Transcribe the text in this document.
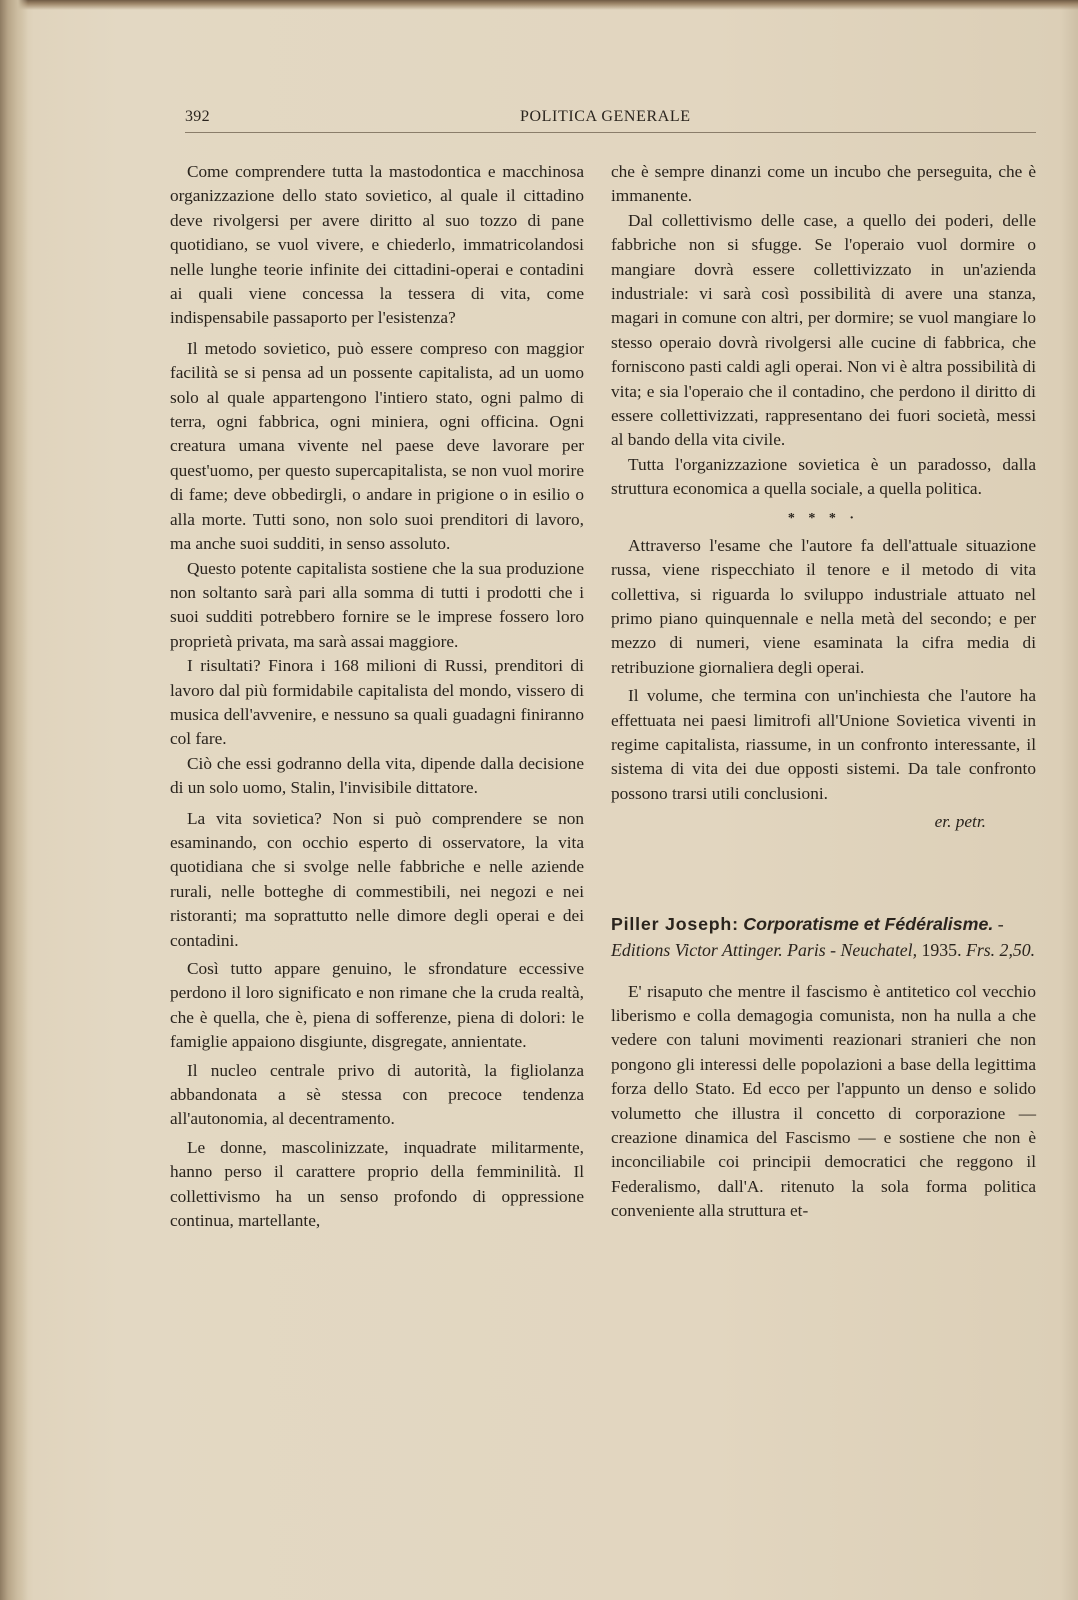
392	POLITICA GENERALE

Come comprendere tutta la mastodontica e macchinosa organizzazione dello stato sovietico, al quale il cittadino deve rivolgersi per avere diritto al suo tozzo di pane quotidiano, se vuol vivere, e chiederlo, immatricolandosi nelle lunghe teorie infinite dei cittadini-operai e contadini ai quali viene concessa la tessera di vita, come indispensabile passaporto per l'esistenza?

Il metodo sovietico, può essere compreso con maggior facilità se si pensa ad un possente capitalista, ad un uomo solo al quale appartengono l'intiero stato, ogni palmo di terra, ogni fabbrica, ogni miniera, ogni officina. Ogni creatura umana vivente nel paese deve lavorare per quest'uomo, per questo supercapitalista, se non vuol morire di fame; deve obbedirgli, o andare in prigione o in esilio o alla morte. Tutti sono, non solo suoi prenditori di lavoro, ma anche suoi sudditi, in senso assoluto.

Questo potente capitalista sostiene che la sua produzione non soltanto sarà pari alla somma di tutti i prodotti che i suoi sudditi potrebbero fornire se le imprese fossero loro proprietà privata, ma sarà assai maggiore.

I risultati? Finora i 168 milioni di Russi, prenditori di lavoro dal più formidabile capitalista del mondo, vissero di musica dell'avvenire, e nessuno sa quali guadagni finiranno col fare.

Ciò che essi godranno della vita, dipende dalla decisione di un solo uomo, Stalin, l'invisibile dittatore.

La vita sovietica? Non si può comprendere se non esaminando, con occhio esperto di osservatore, la vita quotidiana che si svolge nelle fabbriche e nelle aziende rurali, nelle botteghe di commestibili, nei negozi e nei ristoranti; ma soprattutto nelle dimore degli operai e dei contadini.

Così tutto appare genuino, le sfrondature eccessive perdono il loro significato e non rimane che la cruda realtà, che è quella, che è, piena di sofferenze, piena di dolori: le famiglie appaiono disgiunte, disgregate, annientate.

Il nucleo centrale privo di autorità, la figliolanza abbandonata a sè stessa con precoce tendenza all'autonomia, al decentramento.

Le donne, mascolinizzate, inquadrate militarmente, hanno perso il carattere proprio della femminilità. Il collettivismo ha un senso profondo di oppressione continua, martellante,

che è sempre dinanzi come un incubo che perseguita, che è immanente.

Dal collettivismo delle case, a quello dei poderi, delle fabbriche non si sfugge. Se l'operaio vuol dormire o mangiare dovrà essere collettivizzato in un'azienda industriale: vi sarà così possibilità di avere una stanza, magari in comune con altri, per dormire; se vuol mangiare lo stesso operaio dovrà rivolgersi alle cucine di fabbrica, che forniscono pasti caldi agli operai. Non vi è altra possibilità di vita; e sia l'operaio che il contadino, che perdono il diritto di essere collettivizzati, rappresentano dei fuori società, messi al bando della vita civile.

Tutta l'organizzazione sovietica è un paradosso, dalla struttura economica a quella sociale, a quella politica.

* * * ·

Attraverso l'esame che l'autore fa dell'attuale situazione russa, viene rispecchiato il tenore e il metodo di vita collettiva, si riguarda lo sviluppo industriale attuato nel primo piano quinquennale e nella metà del secondo; e per mezzo di numeri, viene esaminata la cifra media di retribuzione giornaliera degli operai.

Il volume, che termina con un'inchiesta che l'autore ha effettuata nei paesi limitrofi all'Unione Sovietica viventi in regime capitalista, riassume, in un confronto interessante, il sistema di vita dei due opposti sistemi. Da tale confronto possono trarsi utili conclusioni.

er. petr.
Piller Joseph: Corporatisme et Fédéralisme. - Editions Victor Attinger. Paris - Neuchatel, 1935. Frs. 2,50.

E' risaputo che mentre il fascismo è antitetico col vecchio liberismo e colla demagogia comunista, non ha nulla a che vedere con taluni movimenti reazionari stranieri che non pongono gli interessi delle popolazioni a base della legittima forza dello Stato. Ed ecco per l'appunto un denso e solido volumetto che illustra il concetto di corporazione — creazione dinamica del Fascismo — e sostiene che non è inconciliabile coi principii democratici che reggono il Federalismo, dall'A. ritenuto la sola forma politica conveniente alla struttura et-
